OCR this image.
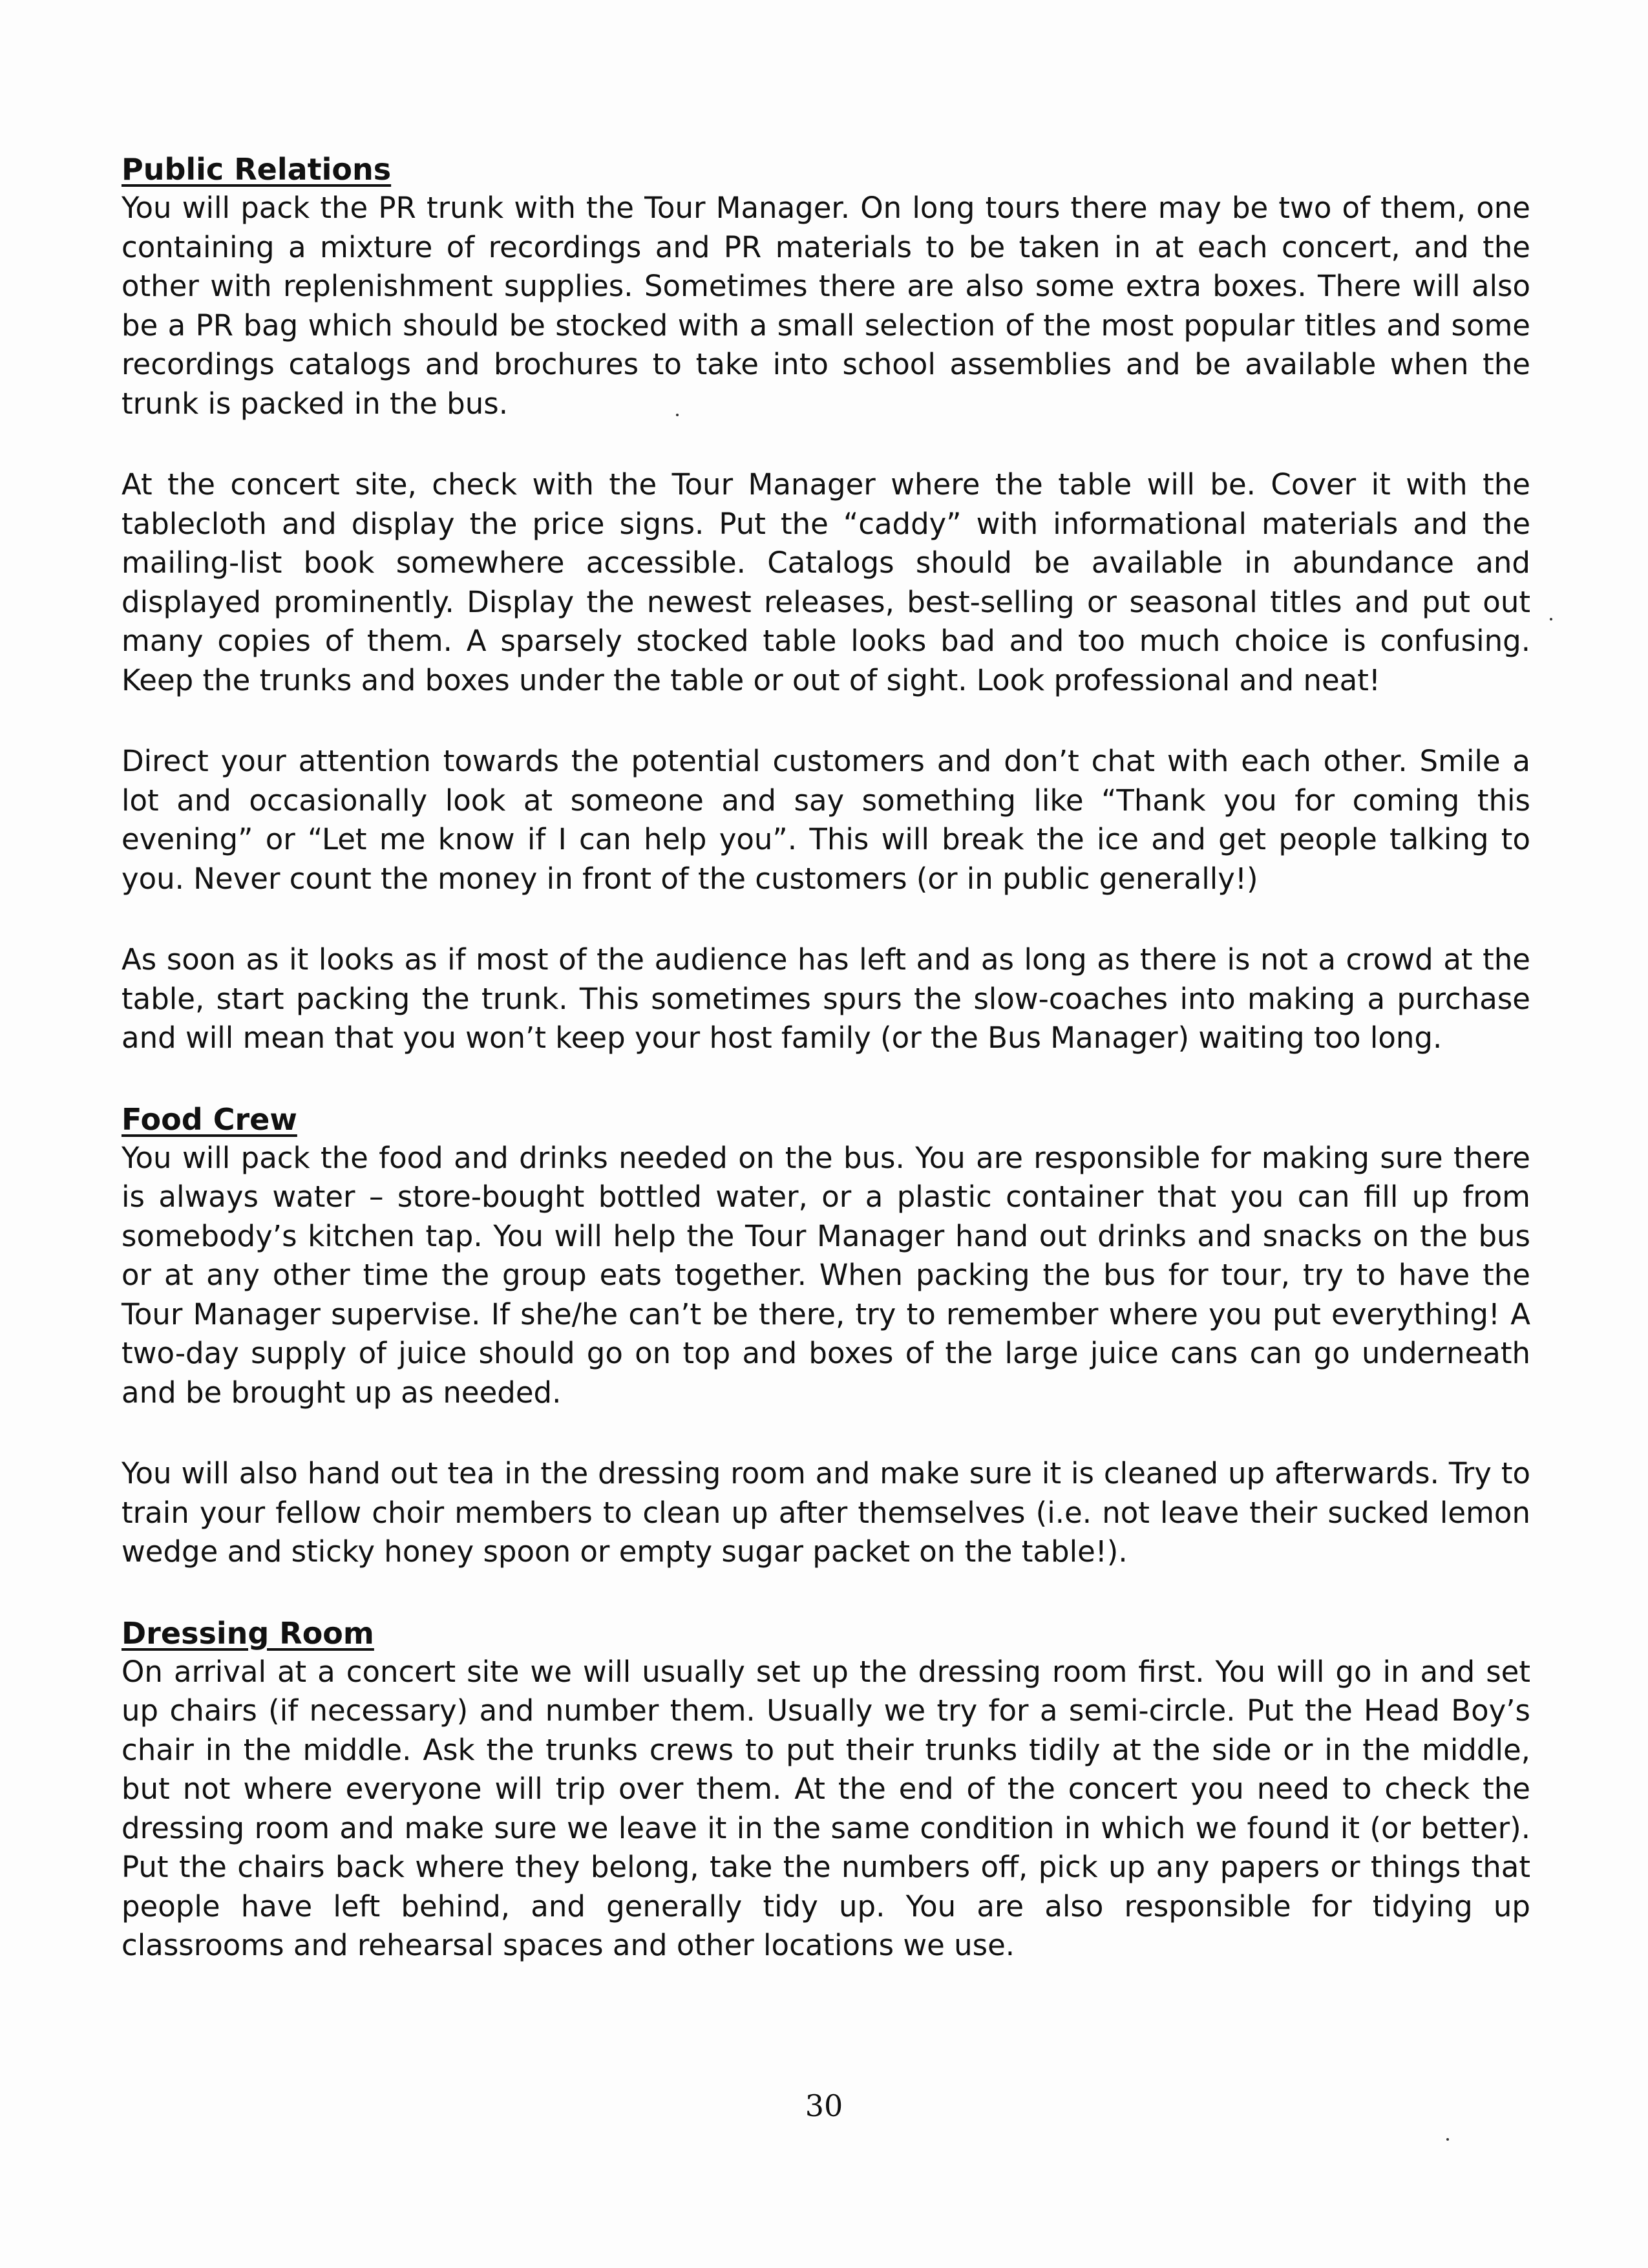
Public Relations

You will pack the PR trunk with the Tour Manager. On long tours there may be two of them, one containing a mixture of recordings and PR materials to be taken in at each concert, and the other with replenishment supplies. Sometimes there are also some extra boxes. There will also be a PR bag which should be stocked with a small selection of the most popular titles and some recordings catalogs and brochures to take into school assemblies and be available when the trunk is packed in the bus.

At the concert site, check with the Tour Manager where the table will be. Cover it with the tablecloth and display the price signs. Put the “caddy” with informational materials and the mailing-list book somewhere accessible. Catalogs should be available in abundance and displayed prominently. Display the newest releases, best-selling or seasonal titles and put out many copies of them. A sparsely stocked table looks bad and too much choice is confusing. Keep the trunks and boxes under the table or out of sight. Look professional and neat!

Direct your attention towards the potential customers and don’t chat with each other. Smile a lot and occasionally look at someone and say something like “Thank you for coming this evening” or “Let me know if I can help you”. This will break the ice and get people talking to you. Never count the money in front of the customers (or in public generally!)

As soon as it looks as if most of the audience has left and as long as there is not a crowd at the table, start packing the trunk. This sometimes spurs the slow-coaches into making a purchase and will mean that you won’t keep your host family (or the Bus Manager) waiting too long.

Food Crew

You will pack the food and drinks needed on the bus. You are responsible for making sure there is always water – store-bought bottled water, or a plastic container that you can fill up from somebody’s kitchen tap. You will help the Tour Manager hand out drinks and snacks on the bus or at any other time the group eats together. When packing the bus for tour, try to have the Tour Manager supervise. If she/he can’t be there, try to remember where you put everything! A two-day supply of juice should go on top and boxes of the large juice cans can go underneath and be brought up as needed.

You will also hand out tea in the dressing room and make sure it is cleaned up afterwards. Try to train your fellow choir members to clean up after themselves (i.e. not leave their sucked lemon wedge and sticky honey spoon or empty sugar packet on the table!).

Dressing Room

On arrival at a concert site we will usually set up the dressing room first. You will go in and set up chairs (if necessary) and number them. Usually we try for a semi-circle. Put the Head Boy’s chair in the middle. Ask the trunks crews to put their trunks tidily at the side or in the middle, but not where everyone will trip over them. At the end of the concert you need to check the dressing room and make sure we leave it in the same condition in which we found it (or better). Put the chairs back where they belong, take the numbers off, pick up any papers or things that people have left behind, and generally tidy up. You are also responsible for tidying up classrooms and rehearsal spaces and other locations we use.

30
